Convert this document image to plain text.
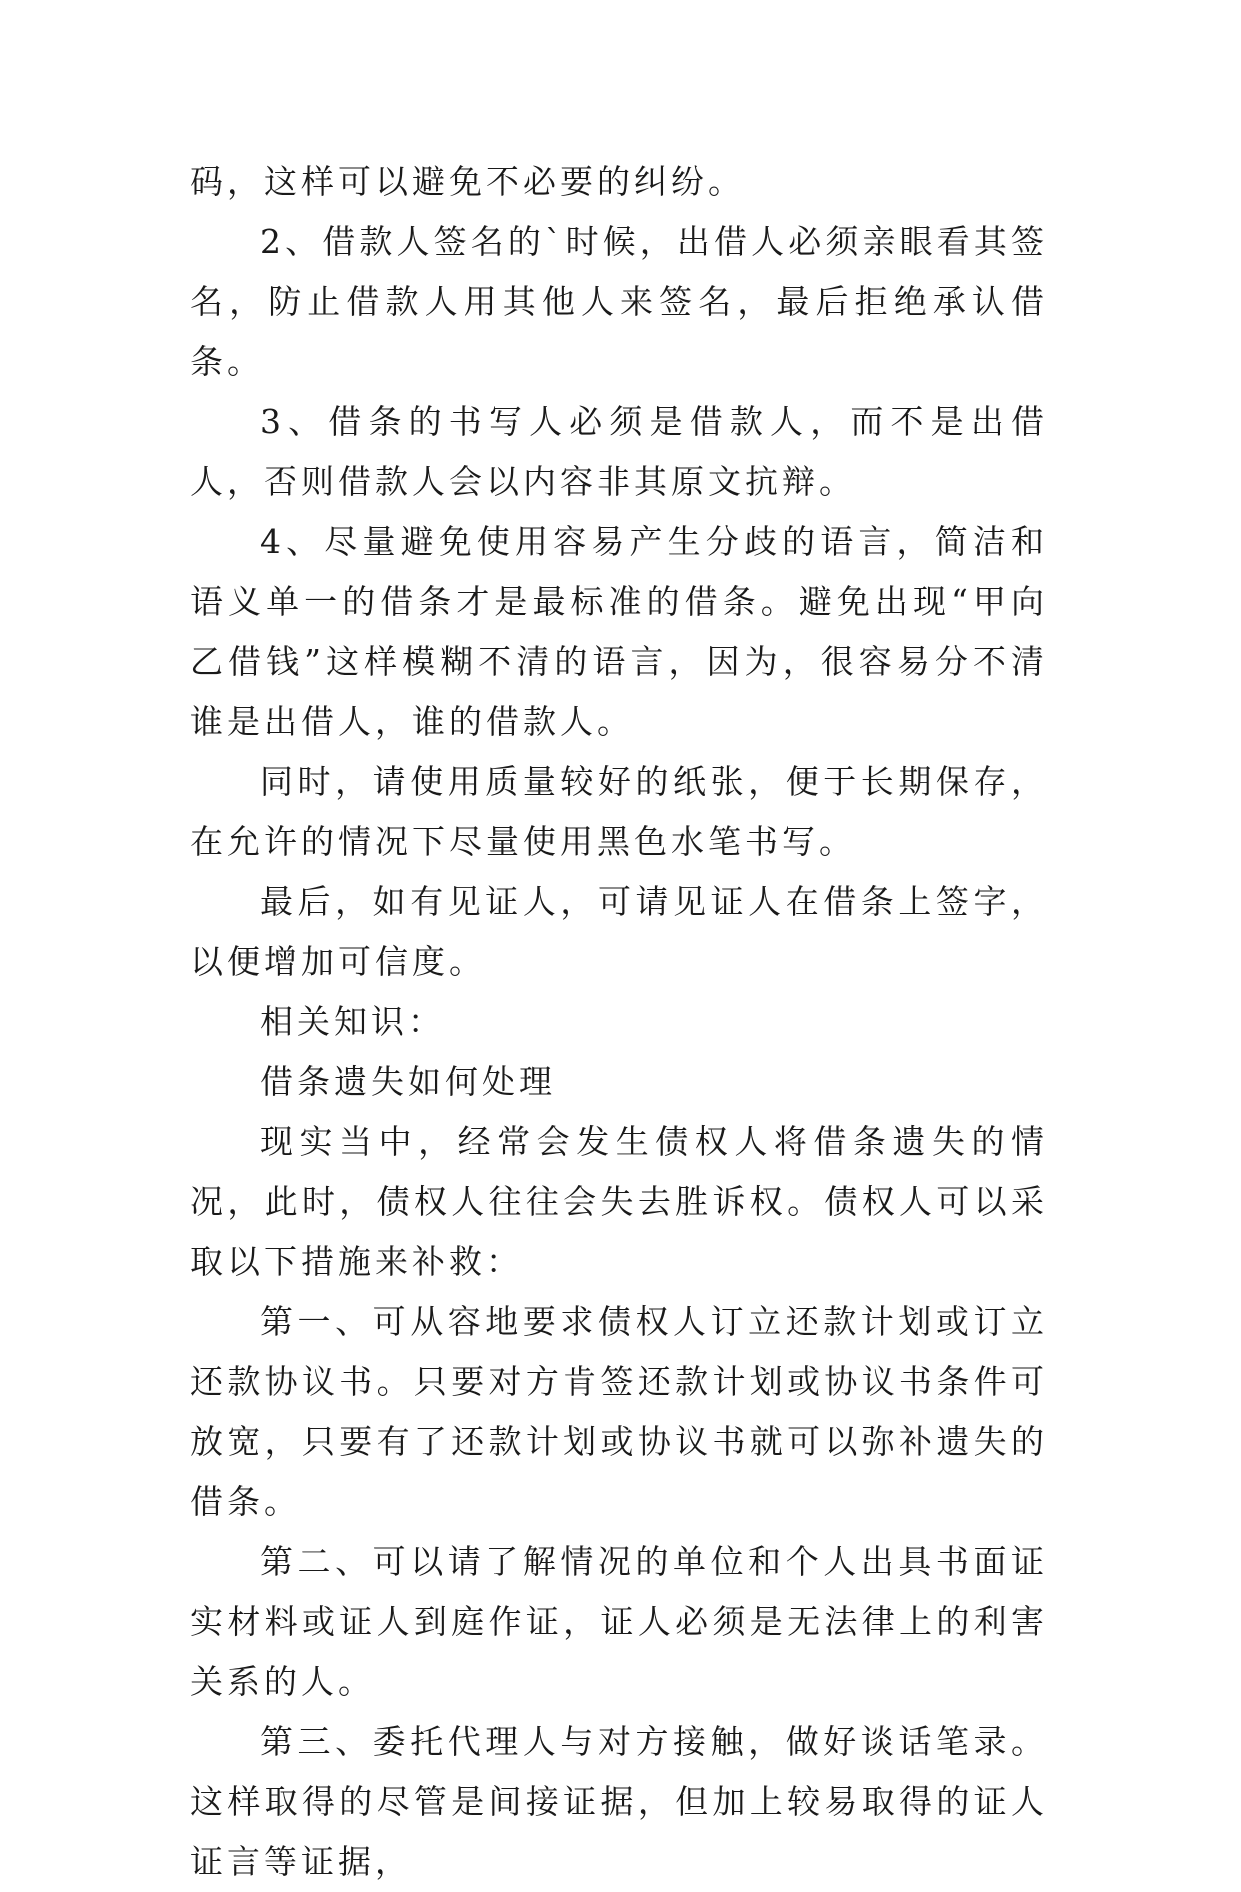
码，这样可以避免不必要的纠纷。

2、借款人签名的`时候，出借人必须亲眼看其签名，防止借款人用其他人来签名，最后拒绝承认借条。

3、借条的书写人必须是借款人，而不是出借人，否则借款人会以内容非其原文抗辩。

4、尽量避免使用容易产生分歧的语言，简洁和语义单一的借条才是最标准的借条。避免出现“甲向乙借钱”这样模糊不清的语言，因为，很容易分不清谁是出借人，谁的借款人。

同时，请使用质量较好的纸张，便于长期保存，在允许的情况下尽量使用黑色水笔书写。

最后，如有见证人，可请见证人在借条上签字，以便增加可信度。

相关知识：

借条遗失如何处理

现实当中，经常会发生债权人将借条遗失的情况，此时，债权人往往会失去胜诉权。债权人可以采取以下措施来补救：

第一、可从容地要求债权人订立还款计划或订立还款协议书。只要对方肯签还款计划或协议书条件可放宽，只要有了还款计划或协议书就可以弥补遗失的借条。

第二、可以请了解情况的单位和个人出具书面证实材料或证人到庭作证，证人必须是无法律上的利害关系的人。

第三、委托代理人与对方接触，做好谈话笔录。这样取得的尽管是间接证据，但加上较易取得的证人证言等证据，
